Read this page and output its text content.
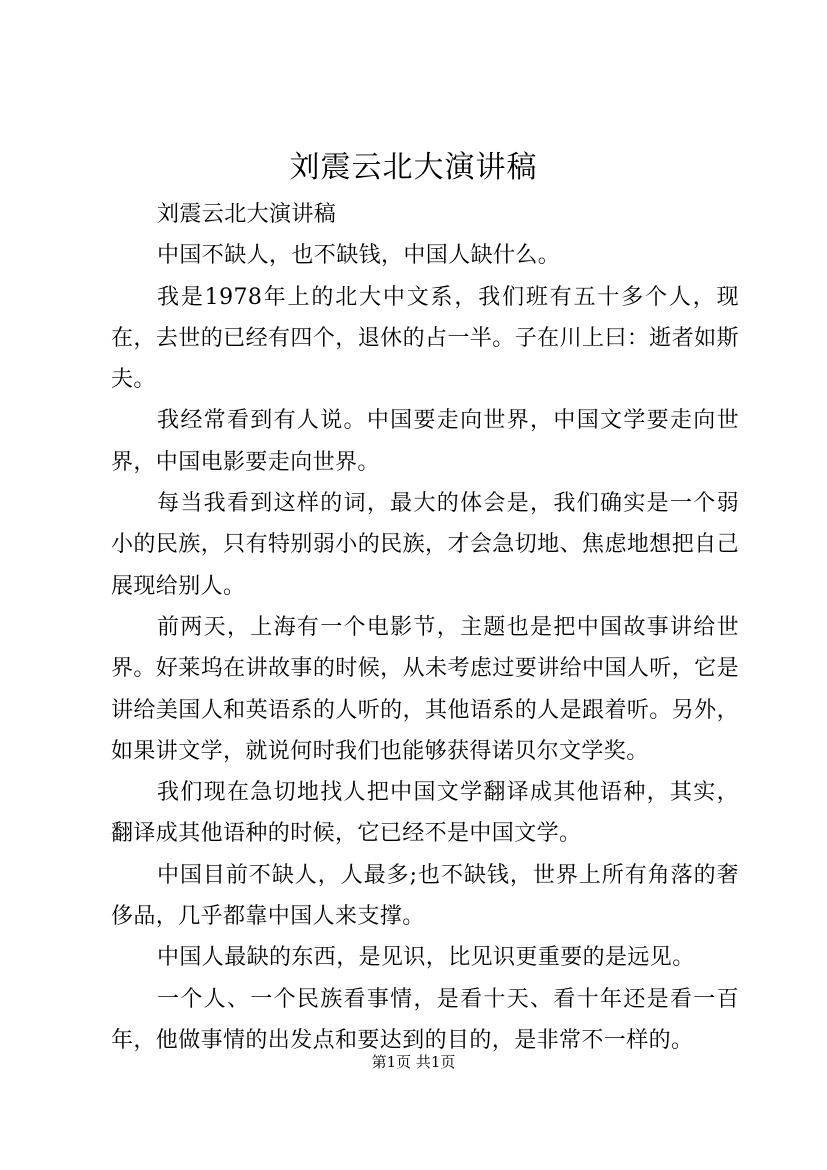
刘震云北大演讲稿

刘震云北大演讲稿

中国不缺人，也不缺钱，中国人缺什么。

我是1978年上的北大中文系，我们班有五十多个人，现在，去世的已经有四个，退休的占一半。子在川上曰：逝者如斯夫。

我经常看到有人说。中国要走向世界，中国文学要走向世界，中国电影要走向世界。

每当我看到这样的词，最大的体会是，我们确实是一个弱小的民族，只有特别弱小的民族，才会急切地、焦虑地想把自己展现给别人。

前两天，上海有一个电影节，主题也是把中国故事讲给世界。好莱坞在讲故事的时候，从未考虑过要讲给中国人听，它是讲给美国人和英语系的人听的，其他语系的人是跟着听。另外，如果讲文学，就说何时我们也能够获得诺贝尔文学奖。

我们现在急切地找人把中国文学翻译成其他语种，其实，翻译成其他语种的时候，它已经不是中国文学。

中国目前不缺人，人最多;也不缺钱，世界上所有角落的奢侈品，几乎都靠中国人来支撑。

中国人最缺的东西，是见识，比见识更重要的是远见。

一个人、一个民族看事情，是看十天、看十年还是看一百年，他做事情的出发点和要达到的目的，是非常不一样的。

第1页 共1页
